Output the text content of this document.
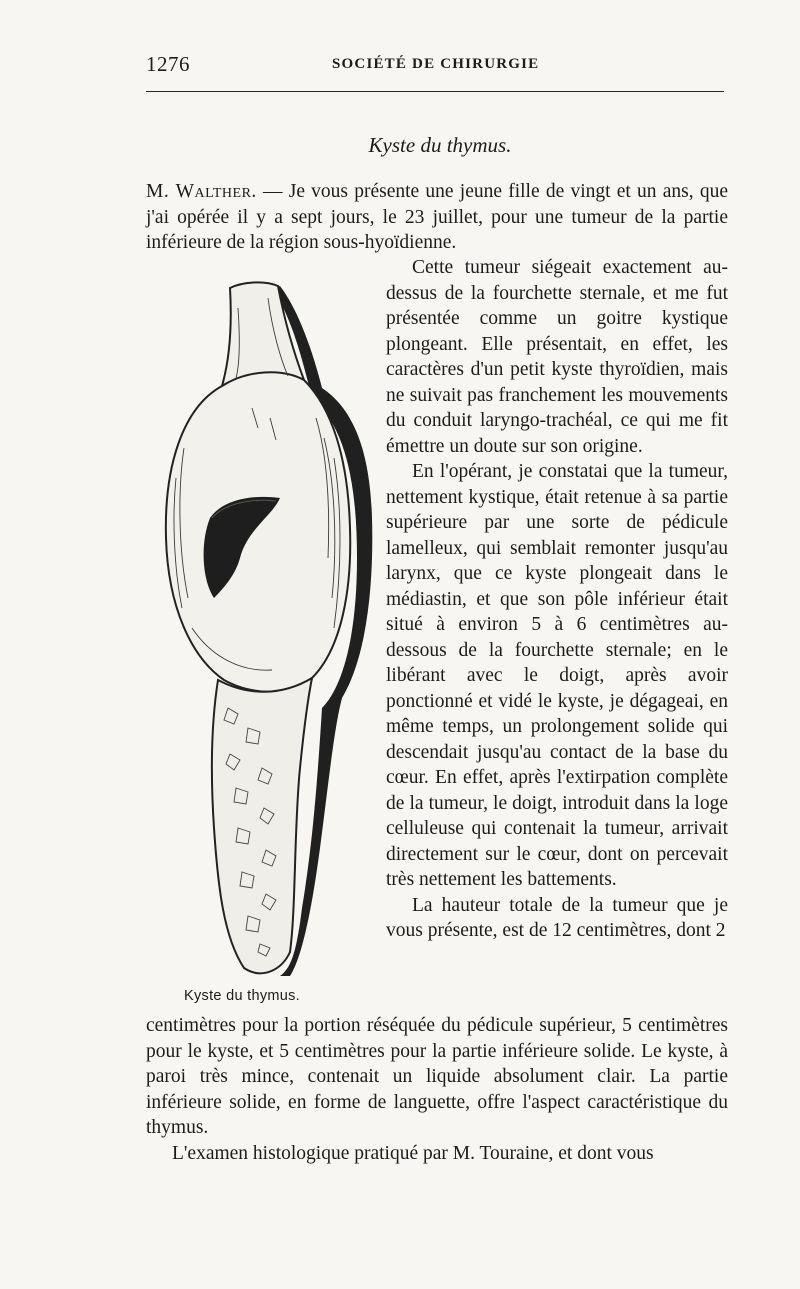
1276	SOCIÉTÉ DE CHIRURGIE
Kyste du thymus.

M. Walther. — Je vous présente une jeune fille de vingt et un ans, que j'ai opérée il y a sept jours, le 23 juillet, pour une tumeur de la partie inférieure de la région sous-hyoïdienne.

Kyste du thymus.

Cette tumeur siégeait exactement au-dessus de la fourchette sternale, et me fut présentée comme un goitre kystique plongeant. Elle présentait, en effet, les caractères d'un petit kyste thyroïdien, mais ne suivait pas franchement les mouvements du conduit laryngo-trachéal, ce qui me fit émettre un doute sur son origine.

En l'opérant, je constatai que la tumeur, nettement kystique, était retenue à sa partie supérieure par une sorte de pédicule lamelleux, qui semblait remonter jusqu'au larynx, que ce kyste plongeait dans le médiastin, et que son pôle inférieur était situé à environ 5 à 6 centimètres au-dessous de la fourchette sternale; en le libérant avec le doigt, après avoir ponctionné et vidé le kyste, je dégageai, en même temps, un prolongement solide qui descendait jusqu'au contact de la base du cœur. En effet, après l'extirpation complète de la tumeur, le doigt, introduit dans la loge celluleuse qui contenait la tumeur, arrivait directement sur le cœur, dont on percevait très nettement les battements.

La hauteur totale de la tumeur que je vous présente, est de 12 centimètres, dont 2

centimètres pour la portion réséquée du pédicule supérieur, 5 centimètres pour le kyste, et 5 centimètres pour la partie inférieure solide. Le kyste, à paroi très mince, contenait un liquide absolument clair. La partie inférieure solide, en forme de languette, offre l'aspect caractéristique du thymus.

L'examen histologique pratiqué par M. Touraine, et dont vous
